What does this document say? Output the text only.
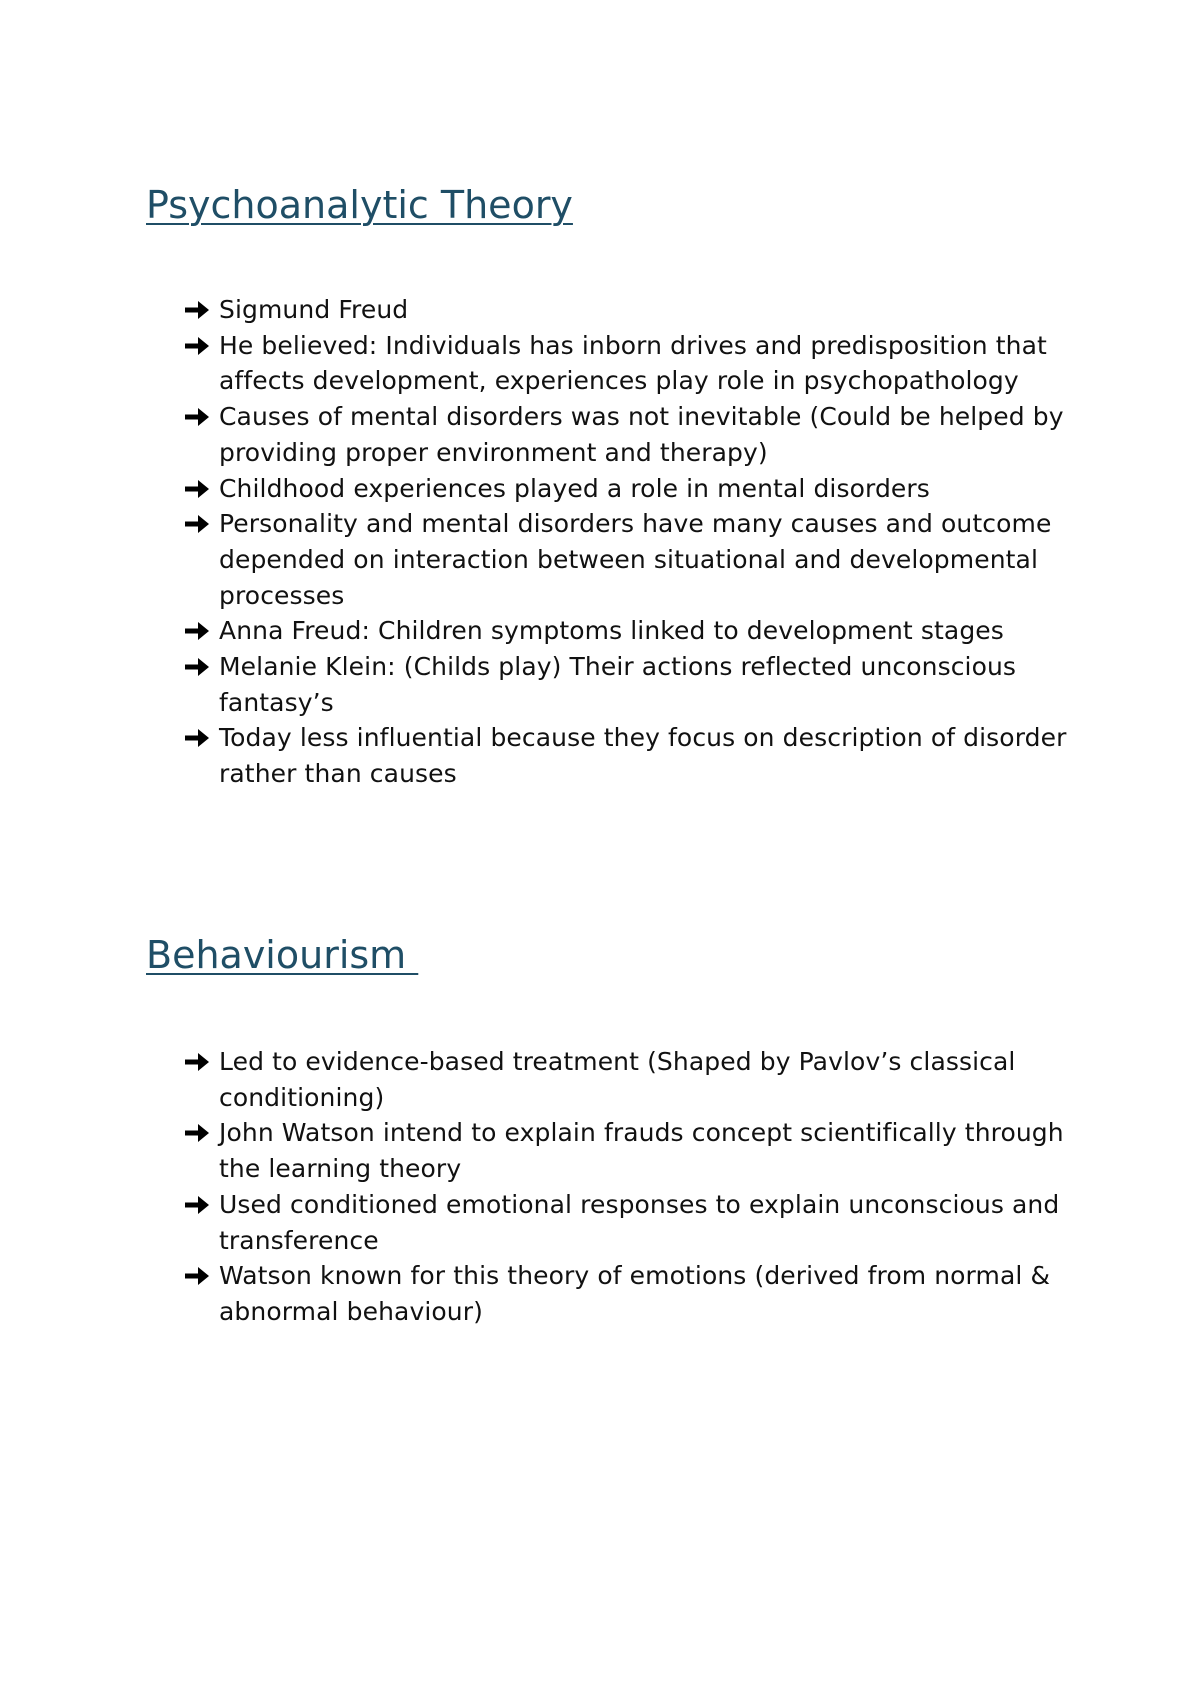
Psychoanalytic Theory
Sigmund Freud
He believed: Individuals has inborn drives and predisposition that affects development, experiences play role in psychopathology
Causes of mental disorders was not inevitable (Could be helped by providing proper environment and therapy)
Childhood experiences played a role in mental disorders
Personality and mental disorders have many causes and outcome depended on interaction between situational and developmental processes
Anna Freud: Children symptoms linked to development stages
Melanie Klein: (Childs play) Their actions reflected unconscious fantasy’s
Today less influential because they focus on description of disorder rather than causes
Behaviourism
Led to evidence-based treatment (Shaped by Pavlov’s classical conditioning)
John Watson intend to explain frauds concept scientifically through the learning theory
Used conditioned emotional responses to explain unconscious and transference
Watson known for this theory of emotions (derived from normal & abnormal behaviour)
